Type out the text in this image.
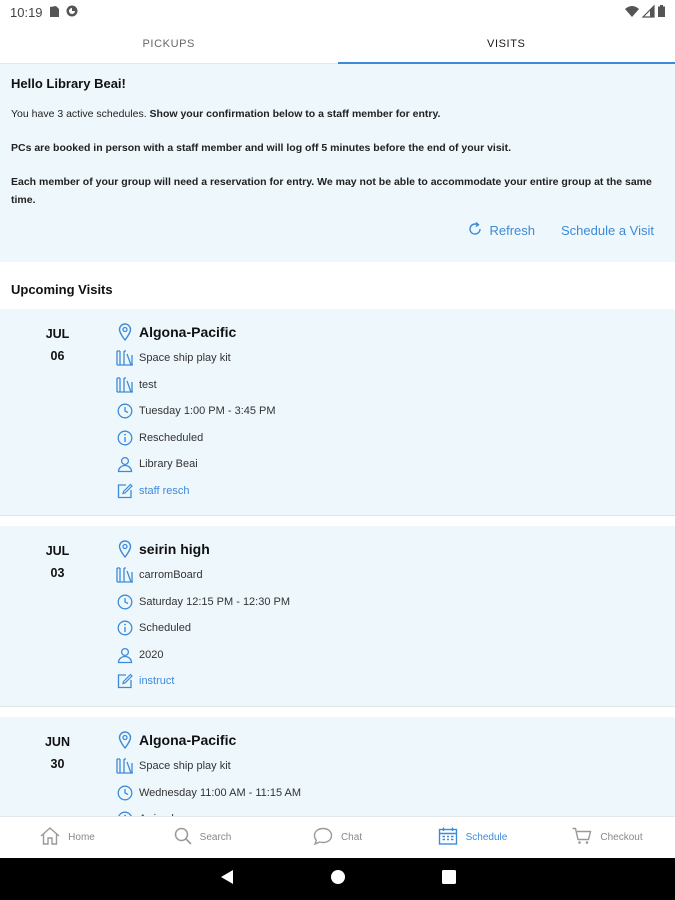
10:19
PICKUPS	VISITS
Hello Library Beai!

You have 3 active schedules. Show your confirmation below to a staff member for entry.

PCs are booked in person with a staff member and will log off 5 minutes before the end of your visit.

Each member of your group will need a reservation for entry. We may not be able to accommodate your entire group at the same time.

Refresh Schedule a Visit
Upcoming Visits
JUL
06
Algona-Pacific
Space ship play kit
test
Tuesday 1:00 PM - 3:45 PM
Rescheduled
Library Beai
staff resch
JUL
03
seirin high
carromBoard
Saturday 12:15 PM - 12:30 PM
Scheduled
2020
instruct
JUN
30
Algona-Pacific
Space ship play kit
Wednesday 11:00 AM - 11:15 AM
Home	Search	Chat	Schedule	Checkout
